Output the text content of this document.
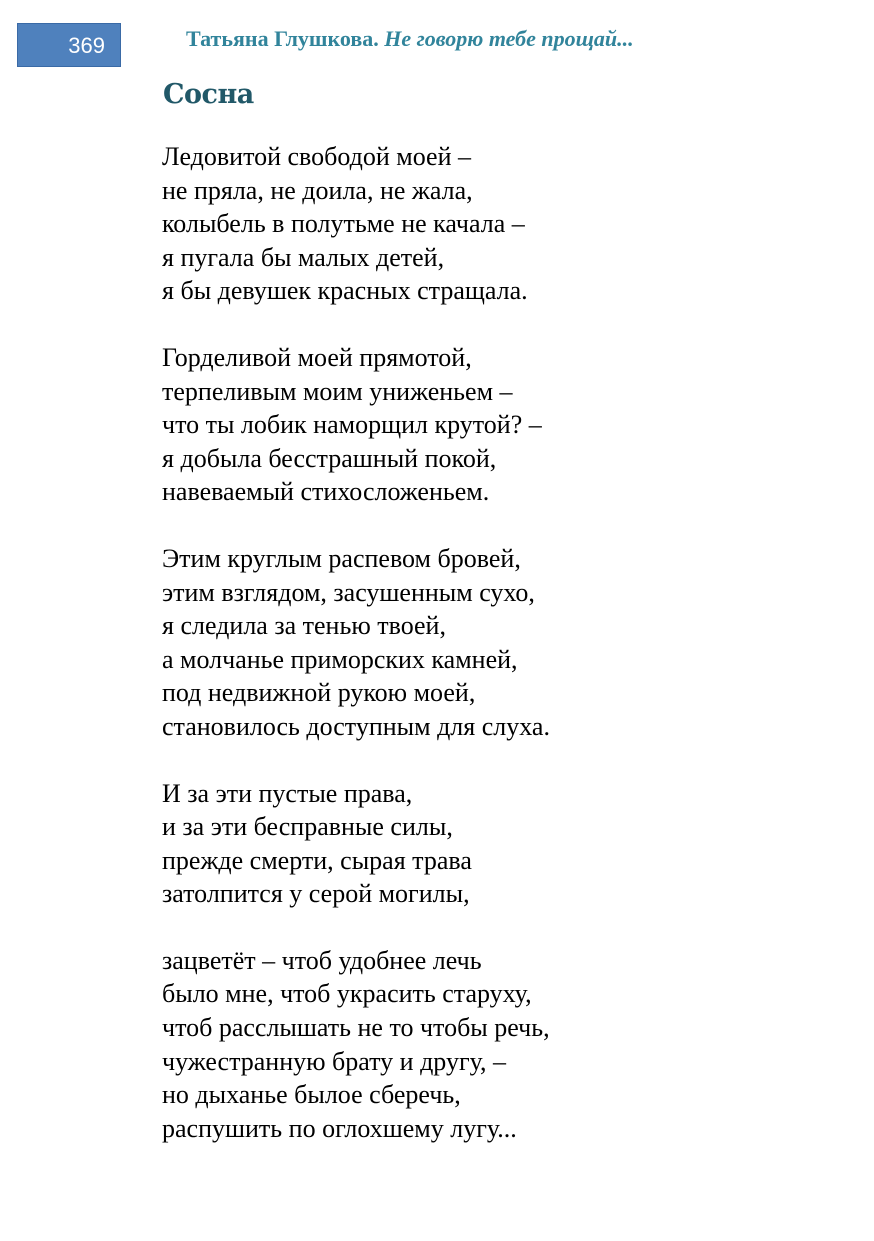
369	Татьяна Глушкова. Не говорю тебе прощай...
Сосна
Ледовитой свободой моей –
не пряла, не доила, не жала,
колыбель в полутьме не качала –
я пугала бы малых детей,
я бы девушек красных стращала.
Горделивой моей прямотой,
терпеливым моим униженьем –
что ты лобик наморщил крутой? –
я добыла бесстрашный покой,
навеваемый стихосложеньем.
Этим круглым распевом бровей,
этим взглядом, засушенным сухо,
я следила за тенью твоей,
а молчанье приморских камней,
под недвижной рукою моей,
становилось доступным для слуха.
И за эти пустые права,
и за эти бесправные силы,
прежде смерти, сырая трава
затолпится у серой могилы,
зацветёт – чтоб удобнее лечь
было мне, чтоб украсить старуху,
чтоб расслышать не то чтобы речь,
чужестранную брату и другу, –
но дыханье былое сберечь,
распушить по оглохшему лугу...
